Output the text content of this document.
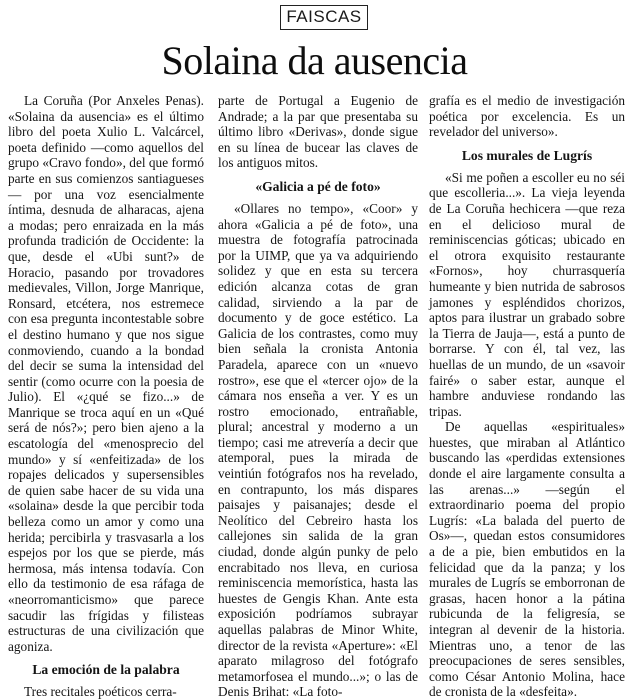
FAISCAS
Solaina da ausencia

La Coruña (Por Anxeles Penas). «Solaina da ausencia» es el último libro del poeta Xulio L. Valcárcel, poeta definido —como aquellos del grupo «Cravo fondo», del que formó parte en sus comienzos santiagueses— por una voz esencialmente íntima, desnuda de alharacas, ajena a modas; pero enraizada en la más profunda tradición de Occidente: la que, desde el «Ubi sunt?» de Horacio, pasando por trovadores medievales, Villon, Jorge Manrique, Ronsard, etcétera, nos estremece con esa pregunta incontestable sobre el destino humano y que nos sigue conmoviendo, cuando a la bondad del decir se suma la intensidad del sentir (como ocurre con la poesia de Julio). El «¿qué se fizo...» de Manrique se troca aquí en un «Qué será de nós?»; pero bien ajeno a la escatología del «menosprecio del mundo» y sí «enfeitizada» de los ropajes delicados y supersensibles de quien sabe hacer de su vida una «solaina» desde la que percibir toda belleza como un amor y como una herida; percibirla y trasvasarla a los espejos por los que se pierde, más hermosa, más intensa todavía. Con ello da testimonio de esa ráfaga de «neorromanticismo» que parece sacudir las frígidas y filisteas estructuras de una civilización que agoniza.

La emoción de la palabra

Tres recitales poéticos cerra-

parte de Portugal a Eugenio de Andrade; a la par que presentaba su último libro «Derivas», donde sigue en su línea de bucear las claves de los antiguos mitos.

«Galicia a pé de foto»

«Ollares no tempo», «Coor» y ahora «Galicia a pé de foto», una muestra de fotografía patrocinada por la UIMP, que ya va adquiriendo solidez y que en esta su tercera edición alcanza cotas de gran calidad, sirviendo a la par de documento y de goce estético. La Galicia de los contrastes, como muy bien señala la cronista Antonia Paradela, aparece con un «nuevo rostro», ese que el «tercer ojo» de la cámara nos enseña a ver. Y es un rostro emocionado, entrañable, plural; ancestral y moderno a un tiempo; casi me atrevería a decir que atemporal, pues la mirada de veintiún fotógrafos nos ha revelado, en contrapunto, los más dispares paisajes y paisanajes; desde el Neolítico del Cebreiro hasta los callejones sin salida de la gran ciudad, donde algún punky de pelo encrabitado nos lleva, en curiosa reminiscencia memorística, hasta las huestes de Gengis Khan. Ante esta exposición podríamos subrayar aquellas palabras de Minor White, director de la revista «Aperture»: «El aparato milagroso del fotógrafo metamorfosea el mundo...»; o las de Denis Brihat: «La foto-

grafía es el medio de investigación poética por excelencia. Es un revelador del universo».

Los murales de Lugrís

«Si me poñen a escoller eu no séi que escolleria...». La vieja leyenda de La Coruña hechicera —que reza en el delicioso mural de reminiscencias góticas; ubicado en el otrora exquisito restaurante «Fornos», hoy churrasquería humeante y bien nutrida de sabrosos jamones y espléndidos chorizos, aptos para ilustrar un grabado sobre la Tierra de Jauja—, está a punto de borrarse. Y con él, tal vez, las huellas de un mundo, de un «savoir fairé» o saber estar, aunque el hambre anduviese rondando las tripas.

De aquellas «espirituales» huestes, que miraban al Atlántico buscando las «perdidas extensiones donde el aire largamente consulta a las arenas...» —según el extraordinario poema del propio Lugrís: «La balada del puerto de Os»—, quedan estos consumidores a de a pie, bien embutidos en la felicidad que da la panza; y los murales de Lugrís se emborronan de grasas, hacen honor a la pátina rubicunda de la feligresía, se integran al devenir de la historia. Mientras uno, a tenor de las preocupaciones de seres sensibles, como César Antonio Molina, hace de cronista de la «desfeita».
